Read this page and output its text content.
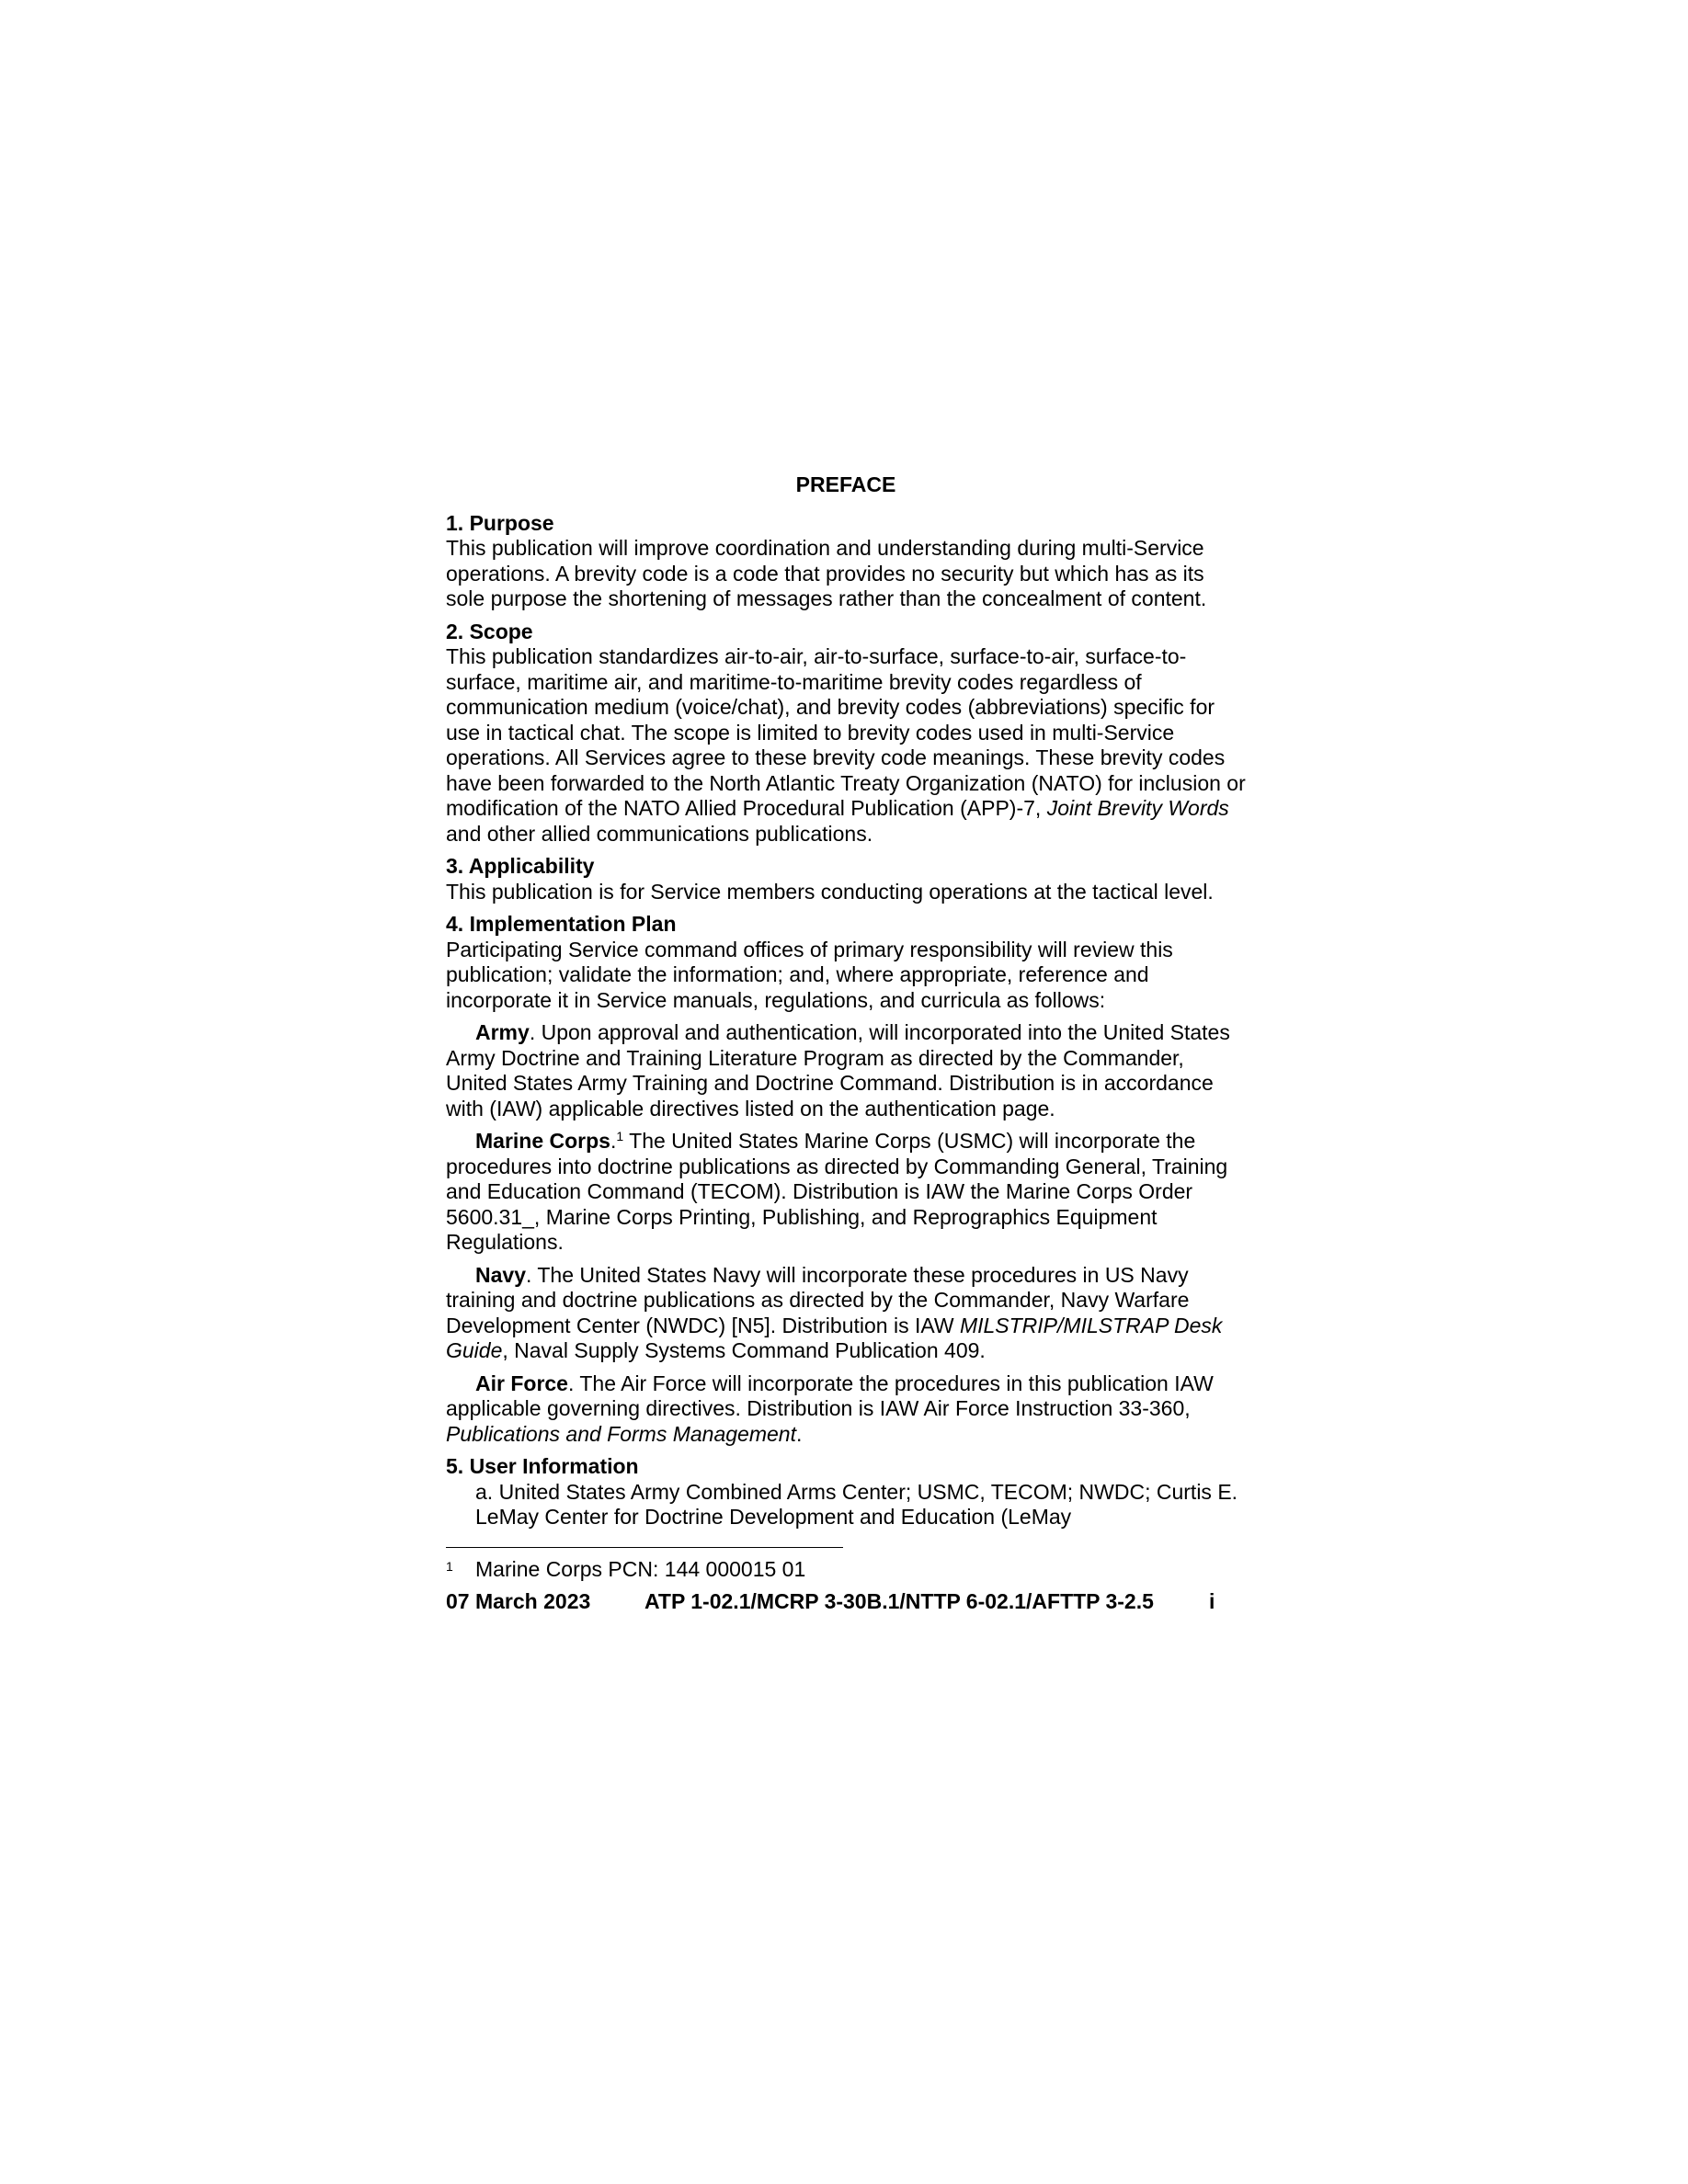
PREFACE
1. Purpose

This publication will improve coordination and understanding during multi-Service operations. A brevity code is a code that provides no security but which has as its sole purpose the shortening of messages rather than the concealment of content.

2. Scope

This publication standardizes air-to-air, air-to-surface, surface-to-air, surface-to-surface, maritime air, and maritime-to-maritime brevity codes regardless of communication medium (voice/chat), and brevity codes (abbreviations) specific for use in tactical chat. The scope is limited to brevity codes used in multi-Service operations. All Services agree to these brevity code meanings. These brevity codes have been forwarded to the North Atlantic Treaty Organization (NATO) for inclusion or modification of the NATO Allied Procedural Publication (APP)-7, Joint Brevity Words and other allied communications publications.

3. Applicability

This publication is for Service members conducting operations at the tactical level.

4. Implementation Plan

Participating Service command offices of primary responsibility will review this publication; validate the information; and, where appropriate, reference and incorporate it in Service manuals, regulations, and curricula as follows:

Army. Upon approval and authentication, will incorporated into the United States Army Doctrine and Training Literature Program as directed by the Commander, United States Army Training and Doctrine Command. Distribution is in accordance with (IAW) applicable directives listed on the authentication page.

Marine Corps.$^1$ The United States Marine Corps (USMC) will incorporate the procedures into doctrine publications as directed by Commanding General, Training and Education Command (TECOM). Distribution is IAW the Marine Corps Order 5600.31_, Marine Corps Printing, Publishing, and Reprographics Equipment Regulations.

Navy. The United States Navy will incorporate these procedures in US Navy training and doctrine publications as directed by the Commander, Navy Warfare Development Center (NWDC) [N5]. Distribution is IAW MILSTRIP/MILSTRAP Desk Guide, Naval Supply Systems Command Publication 409.

Air Force. The Air Force will incorporate the procedures in this publication IAW applicable governing directives. Distribution is IAW Air Force Instruction 33-360, Publications and Forms Management.

5. User Information

a. United States Army Combined Arms Center; USMC, TECOM; NWDC; Curtis E. LeMay Center for Doctrine Development and Education (LeMay

1	Marine Corps PCN: 144 000015 01
07 March 2023	ATP 1-02.1/MCRP 3-30B.1/NTTP 6-02.1/AFTTP 3-2.5	i
